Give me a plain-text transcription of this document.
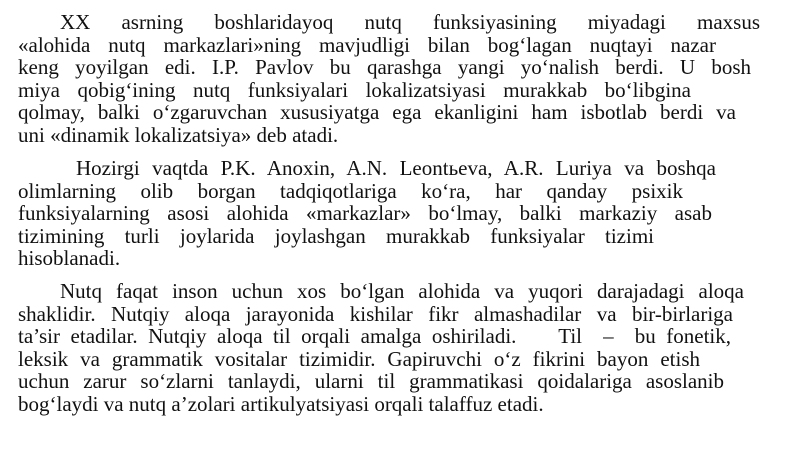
XX asrning boshlaridayoq nutq funksiyasining miyadagi maxsus
«alohida nutq markazlari»ning mavjudligi bilan bog‘lagan nuqtayi nazar
keng yoyilgan edi. I.P. Pavlov bu qarashga yangi yo‘nalish berdi. U bosh
miya qobig‘ining nutq funksiyalari lokalizatsiyasi murakkab bo‘libgina
qolmay, balki o‘zgaruvchan xususiyatga ega ekanligini ham isbotlab berdi va
uni «dinamik lokalizatsiya» deb atadi.

Hozirgi vaqtda P.K. Anoxin, A.N. Leontьeva, A.R. Luriya va boshqa
olimlarning olib borgan tadqiqotlariga ko‘ra, har qanday psixik
funksiyalarning asosi alohida «markazlar» bo‘lmay, balki markaziy asab
tizimining turli joylarida joylashgan murakkab funksiyalar tizimi
hisoblanadi.

Nutq faqat inson uchun xos bo‘lgan alohida va yuqori darajadagi aloqa
shaklidir. Nutqiy aloqa jarayonida kishilar fikr almashadilar va bir-birlariga
ta’sir etadilar. Nutqiy aloqa til orqali amalga oshiriladi.    Til  –  bu fonetik,
leksik va grammatik vositalar tizimidir. Gapiruvchi o‘z fikrini bayon etish
uchun zarur so‘zlarni tanlaydi, ularni til grammatikasi qoidalariga asoslanib
bog‘laydi va nutq a’zolari artikulyatsiyasi orqali talaffuz etadi.
